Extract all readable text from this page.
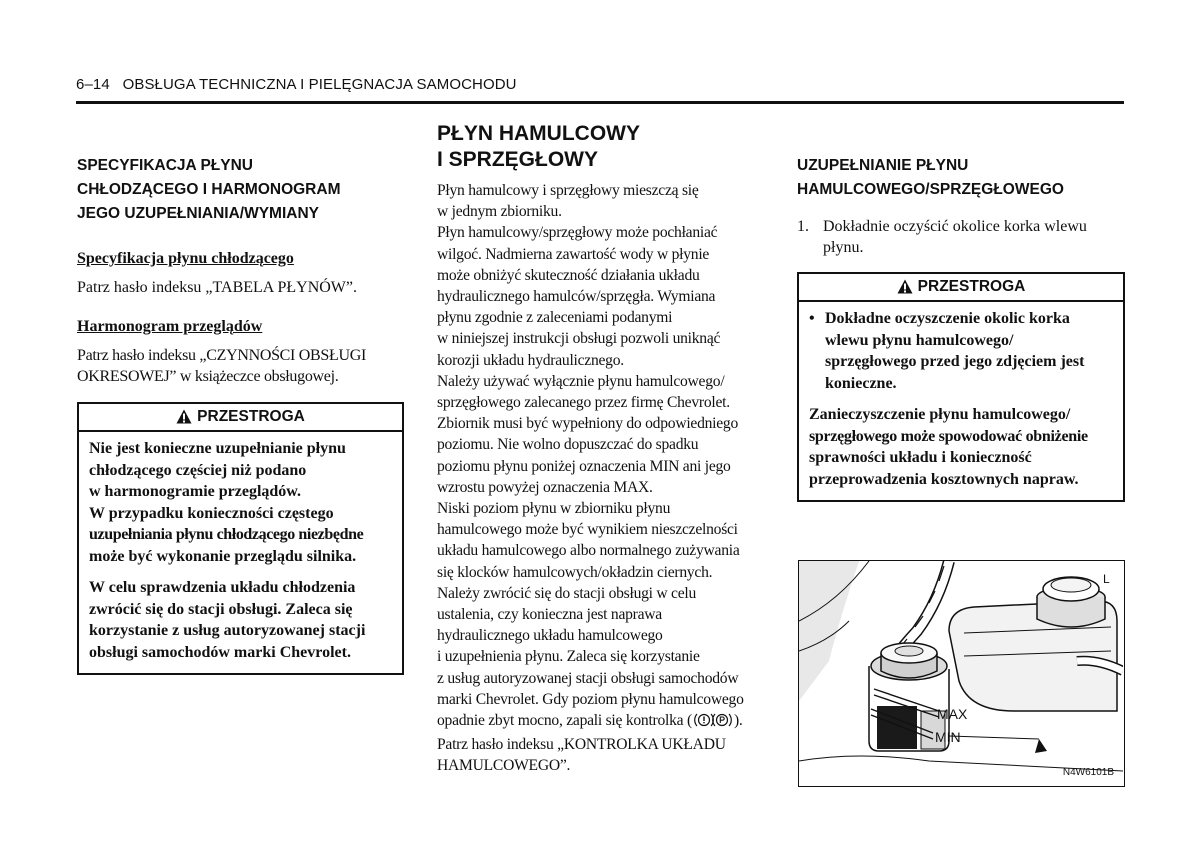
6–14   OBSŁUGA TECHNICZNA I PIELĘGNACJA SAMOCHODU
SPECYFIKACJA PŁYNU
CHŁODZĄCEGO I HARMONOGRAM
JEGO UZUPEŁNIANIA/WYMIANY

Specyfikacja płynu chłodzącego

Patrz hasło indeksu „TABELA PŁYNÓW”.

Harmonogram przeglądów

Patrz hasło indeksu „CZYNNOŚCI OBSŁUGI
OKRESOWEJ” w książeczce obsługowej.

PRZESTROGA

Nie jest konieczne uzupełnianie płynu
chłodzącego częściej niż podano
w harmonogramie przeglądów.
W przypadku konieczności częstego
uzupełniania płynu chłodzącego niezbędne
może być wykonanie przeglądu silnika.

W celu sprawdzenia układu chłodzenia
zwrócić się do stacji obsługi. Zaleca się
korzystanie z usług autoryzowanej stacji
obsługi samochodów marki Chevrolet.

PŁYN HAMULCOWY
I SPRZĘGŁOWY
Płyn hamulcowy i sprzęgłowy mieszczą się
w jednym zbiorniku.
Płyn hamulcowy/sprzęgłowy może pochłaniać
wilgoć. Nadmierna zawartość wody w płynie
może obniżyć skuteczność działania układu
hydraulicznego hamulców/sprzęgła. Wymiana
płynu zgodnie z zaleceniami podanymi
w niniejszej instrukcji obsługi pozwoli uniknąć
korozji układu hydraulicznego.
Należy używać wyłącznie płynu hamulcowego/
sprzęgłowego zalecanego przez firmę Chevrolet.
Zbiornik musi być wypełniony do odpowiedniego
poziomu. Nie wolno dopuszczać do spadku
poziomu płynu poniżej oznaczenia MIN ani jego
wzrostu powyżej oznaczenia MAX.
Niski poziom płynu w zbiorniku płynu
hamulcowego może być wynikiem nieszczelności
układu hamulcowego albo normalnego zużywania
się klocków hamulcowych/okładzin ciernych.
Należy zwrócić się do stacji obsługi w celu
ustalenia, czy konieczna jest naprawa
hydraulicznego układu hamulcowego
i uzupełnienia płynu. Zaleca się korzystanie
z usług autoryzowanej stacji obsługi samochodów
marki Chevrolet. Gdy poziom płynu hamulcowego

opadnie zbyt mocno, zapali się kontrolka (	).
Patrz hasło indeksu „KONTROLKA UKŁADU
HAMULCOWEGO”.
UZUPEŁNIANIE PŁYNU
HAMULCOWEGO/SPRZĘGŁOWEGO
1. Dokładnie oczyścić okolice korka wlewu
płynu.
PRZESTROGA
• Dokładne oczyszczenie okolic korka
wlewu płynu hamulcowego/
sprzęgłowego przed jego zdjęciem jest
konieczne.

Zanieczyszczenie płynu hamulcowego/
sprzęgłowego może spowodować obniżenie
sprawności układu i konieczność
przeprowadzenia kosztownych napraw.

MAX
MIN
L
N4W6101B
